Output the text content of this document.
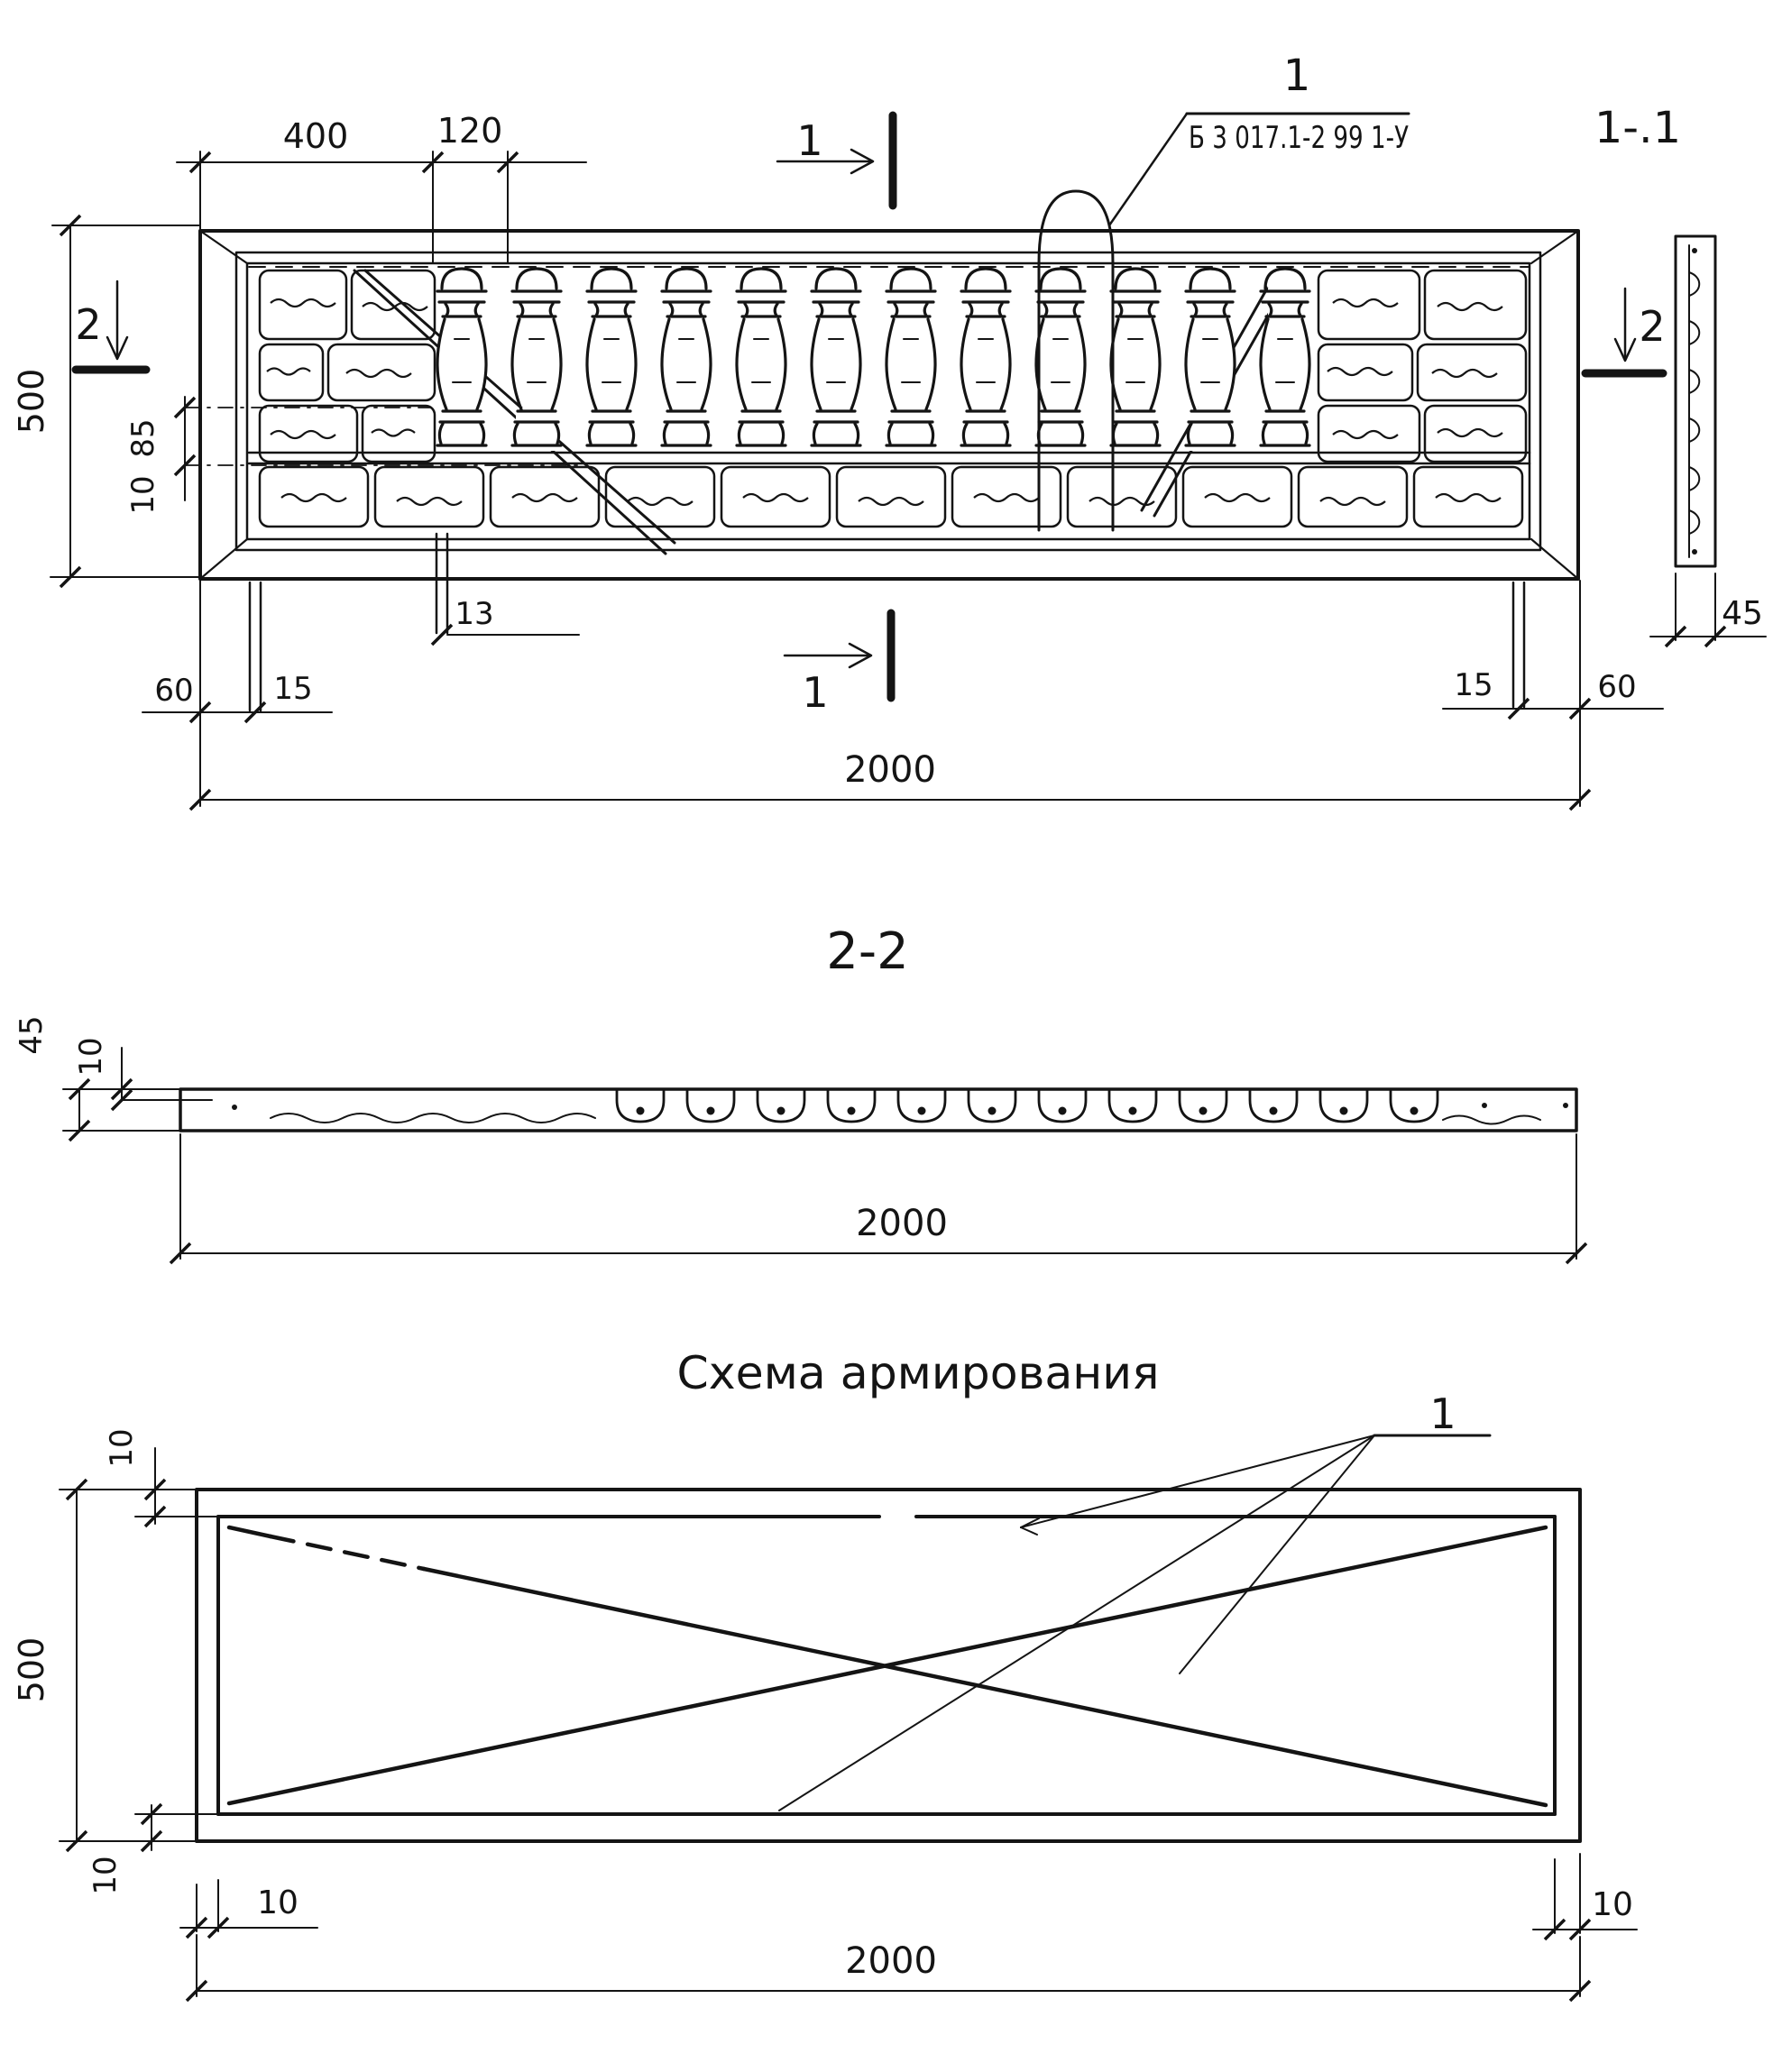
1
Б 3 017.1-2 99 1-У	1-.1
1
1
2	2
400	120
500
85
10
60	15
13
15	60
2000
45
2-2
45
10
2000
Схема армирования
1
10
500
10
10	10
2000
